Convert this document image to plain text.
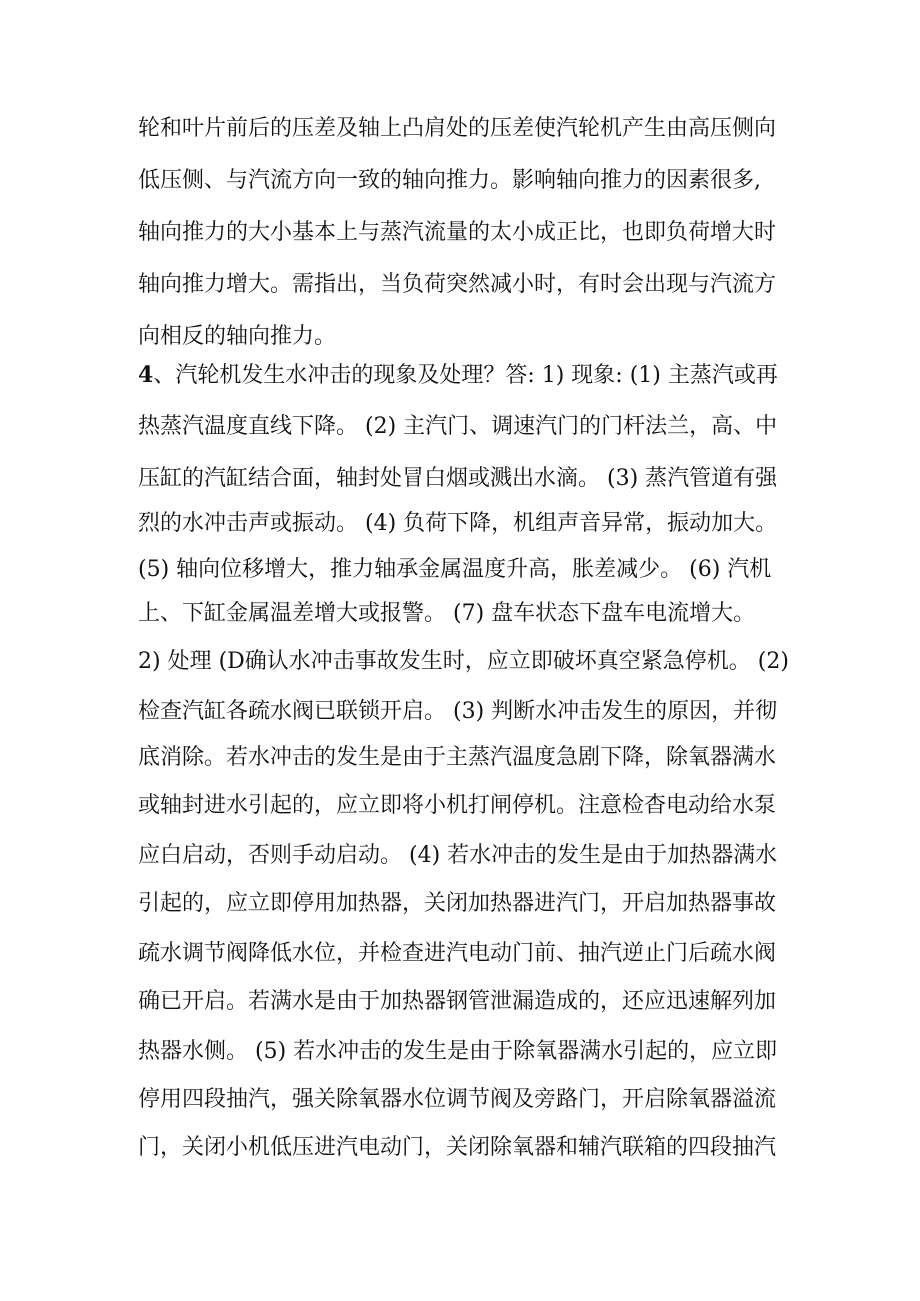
轮和叶片前后的压差及轴上凸肩处的压差使汽轮机产生由高压侧向
低压侧、与汽流方向一致的轴向推力。影响轴向推力的因素很多,
轴向推力的大小基本上与蒸汽流量的太小成正比，也即负荷增大时
轴向推力增大。需指出，当负荷突然减小时，有时会出现与汽流方
向相反的轴向推力。
4、汽轮机发生水冲击的现象及处理？答: 1) 现象: (1) 主蒸汽或再
热蒸汽温度直线下降。 (2) 主汽门、调速汽门的门杆法兰，高、中
压缸的汽缸结合面，轴封处冒白烟或溅出水滴。 (3) 蒸汽管道有强
烈的水冲击声或振动。 (4) 负荷下降，机组声音异常，振动加大。
(5) 轴向位移增大，推力轴承金属温度升高，胀差减少。 (6) 汽机
上、下缸金属温差增大或报警。 (7) 盘车状态下盘车电流增大。
2) 处理 (D确认水冲击事故发生时，应立即破坏真空紧急停机。 (2)
检查汽缸各疏水阀已联锁开启。 (3) 判断水冲击发生的原因，并彻
底消除。若水冲击的发生是由于主蒸汽温度急剧下降，除氧器满水
或轴封进水引起的，应立即将小机打闸停机。注意检杳电动给水泵
应白启动，否则手动启动。 (4) 若水冲击的发生是由于加热器满水
引起的，应立即停用加热器，关闭加热器进汽门，开启加热器事故
疏水调节阀降低水位，并检查进汽电动门前、抽汽逆止门后疏水阀
确已开启。若满水是由于加热器钢管泄漏造成的，还应迅速解列加
热器水侧。 (5) 若水冲击的发生是由于除氧器满水引起的，应立即
停用四段抽汽，强关除氧器水位调节阀及旁路门，开启除氧器溢流
门，关闭小机低压进汽电动门，关闭除氧器和辅汽联箱的四段抽汽
